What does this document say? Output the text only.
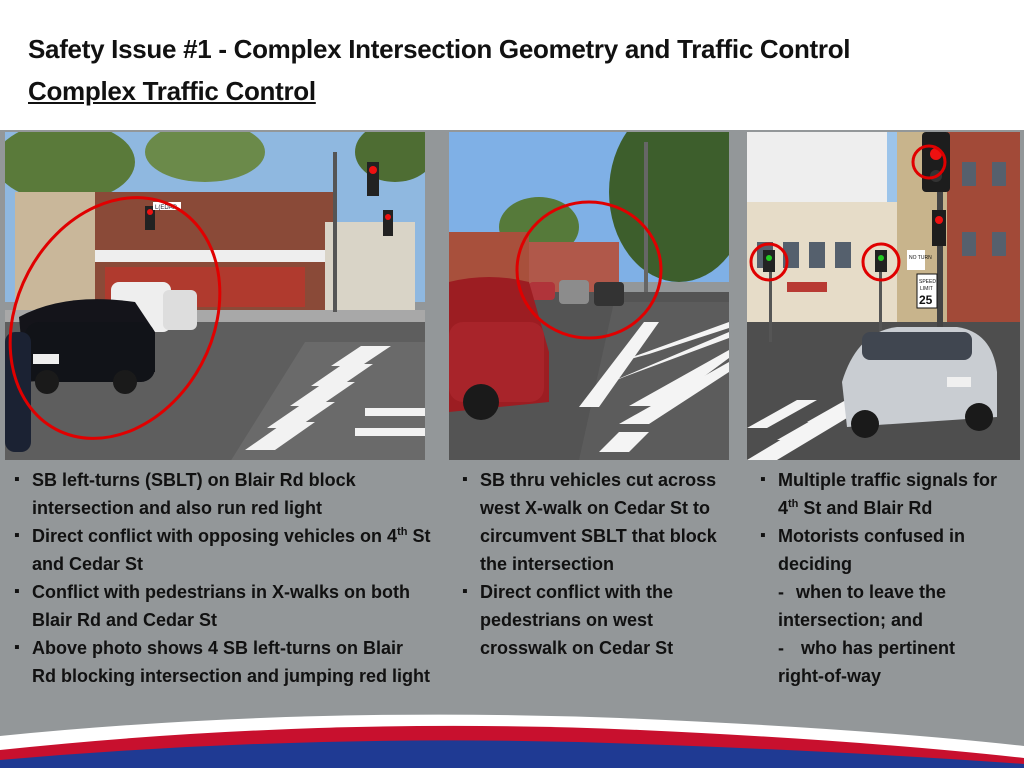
Safety Issue #1 - Complex Intersection Geometry and Traffic Control
Complex Traffic Control
L(EDAR
NO TURN
SPEED
LIMIT
25
▪ SB left-turns (SBLT) on Blair Rd block intersection and also run red light
▪ Direct conflict with opposing vehicles on 4th St and Cedar St
▪ Conflict with pedestrians in X-walks on both Blair Rd and Cedar St
▪ Above photo shows 4 SB left-turns on Blair Rd blocking intersection and jumping red light
▪ SB thru vehicles cut across west X-walk on Cedar St to circumvent SBLT that block the intersection
▪ Direct conflict with the pedestrians on west crosswalk on Cedar St
▪ Multiple traffic signals for 4th St and Blair Rd
▪ Motorists confused in deciding
- when to leave the
intersection; and
- who has pertinent
right-of-way
